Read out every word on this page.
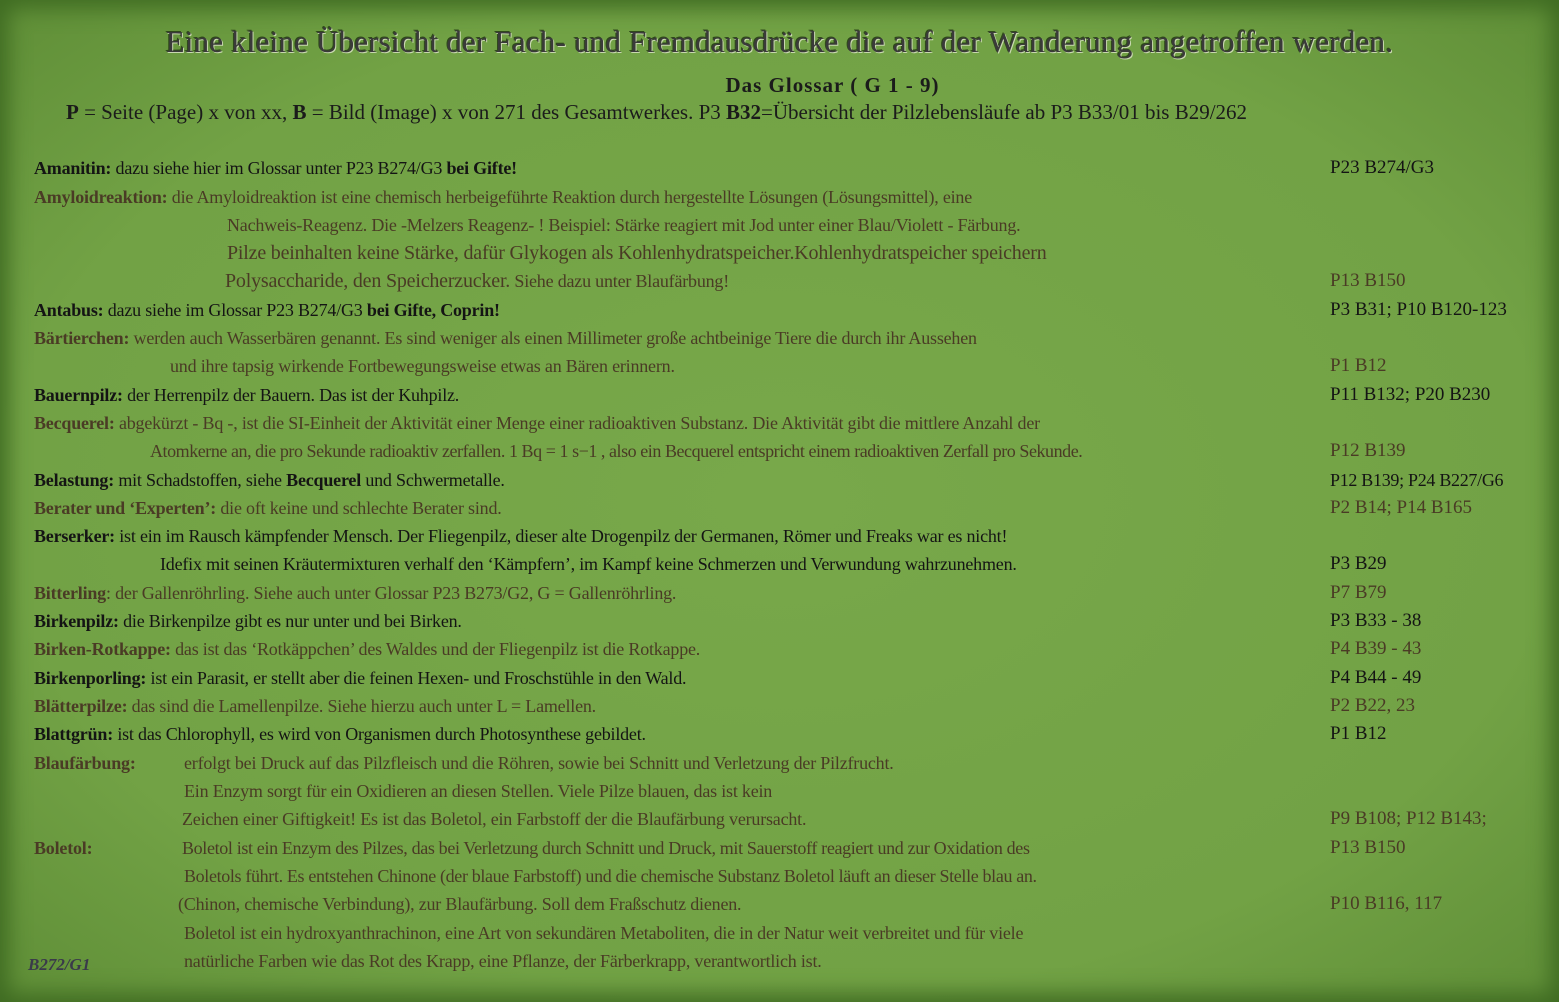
Eine kleine Übersicht der Fach- und Fremdausdrücke die auf der Wanderung angetroffen werden.
Das Glossar ( G 1 - 9)
P = Seite (Page) x von xx, B = Bild (Image) x von 271 des Gesamtwerkes. P3 B32=Übersicht der Pilzlebensläufe ab P3 B33/01 bis B29/262
Amanitin: dazu siehe hier im Glossar unter P23 B274/G3 bei Gifte!	P23 B274/G3
Amyloidreaktion: die Amyloidreaktion ist eine chemisch herbeigeführte Reaktion durch hergestellte Lösungen (Lösungsmittel), eine
Nachweis-Reagenz. Die -Melzers Reagenz- ! Beispiel: Stärke reagiert mit Jod unter einer Blau/Violett - Färbung.
Pilze beinhalten keine Stärke, dafür Glykogen als Kohlenhydratspeicher.Kohlenhydratspeicher speichern
Polysaccharide, den Speicherzucker. Siehe dazu unter Blaufärbung!	P13 B150
Antabus: dazu siehe im Glossar P23 B274/G3 bei Gifte, Coprin!	P3 B31; P10 B120-123
Bärtierchen: werden auch Wasserbären genannt. Es sind weniger als einen Millimeter große achtbeinige Tiere die durch ihr Aussehen
und ihre tapsig wirkende Fortbewegungsweise etwas an Bären erinnern.	P1 B12
Bauernpilz: der Herrenpilz der Bauern. Das ist der Kuhpilz.	P11 B132; P20 B230
Becquerel: abgekürzt - Bq -, ist die SI-Einheit der Aktivität einer Menge einer radioaktiven Substanz. Die Aktivität gibt die mittlere Anzahl der
Atomkerne an, die pro Sekunde radioaktiv zerfallen. 1 Bq = 1 s−1 , also ein Becquerel entspricht einem radioaktiven Zerfall pro Sekunde.	P12 B139
Belastung: mit Schadstoffen, siehe Becquerel und Schwermetalle.	P12 B139; P24 B227/G6
Berater und ‘Experten’: die oft keine und schlechte Berater sind.	P2 B14; P14 B165
Berserker: ist ein im Rausch kämpfender Mensch. Der Fliegenpilz, dieser alte Drogenpilz der Germanen, Römer und Freaks war es nicht!
Idefix mit seinen Kräutermixturen verhalf den ‘Kämpfern’, im Kampf keine Schmerzen und Verwundung wahrzunehmen.	P3 B29
Bitterling: der Gallenröhrling. Siehe auch unter Glossar P23 B273/G2, G = Gallenröhrling.	P7 B79
Birkenpilz: die Birkenpilze gibt es nur unter und bei Birken.	P3 B33 - 38
Birken-Rotkappe: das ist das ‘Rotkäppchen’ des Waldes und der Fliegenpilz ist die Rotkappe.	P4 B39 - 43
Birkenporling: ist ein Parasit, er stellt aber die feinen Hexen- und Froschstühle in den Wald.	P4 B44 - 49
Blätterpilze: das sind die Lamellenpilze. Siehe hierzu auch unter L = Lamellen.	P2 B22, 23
Blattgrün: ist das Chlorophyll, es wird von Organismen durch Photosynthese gebildet.	P1 B12
Blaufärbung:	erfolgt bei Druck auf das Pilzfleisch und die Röhren, sowie bei Schnitt und Verletzung der Pilzfrucht.
Ein Enzym sorgt für ein Oxidieren an diesen Stellen. Viele Pilze blauen, das ist kein
Zeichen einer Giftigkeit! Es ist das Boletol, ein Farbstoff der die Blaufärbung verursacht.	P9 B108; P12 B143;
Boletol:	Boletol ist ein Enzym des Pilzes, das bei Verletzung durch Schnitt und Druck, mit Sauerstoff reagiert und zur Oxidation des	P13 B150
Boletols führt. Es entstehen Chinone (der blaue Farbstoff) und die chemische Substanz Boletol läuft an dieser Stelle blau an.
(Chinon, chemische Verbindung), zur Blaufärbung. Soll dem Fraßschutz dienen.	P10 B116, 117
Boletol ist ein hydroxyanthrachinon, eine Art von sekundären Metaboliten, die in der Natur weit verbreitet und für viele
natürliche Farben wie das Rot des Krapp, eine Pflanze, der Färberkrapp, verantwortlich ist.
B272/G1
